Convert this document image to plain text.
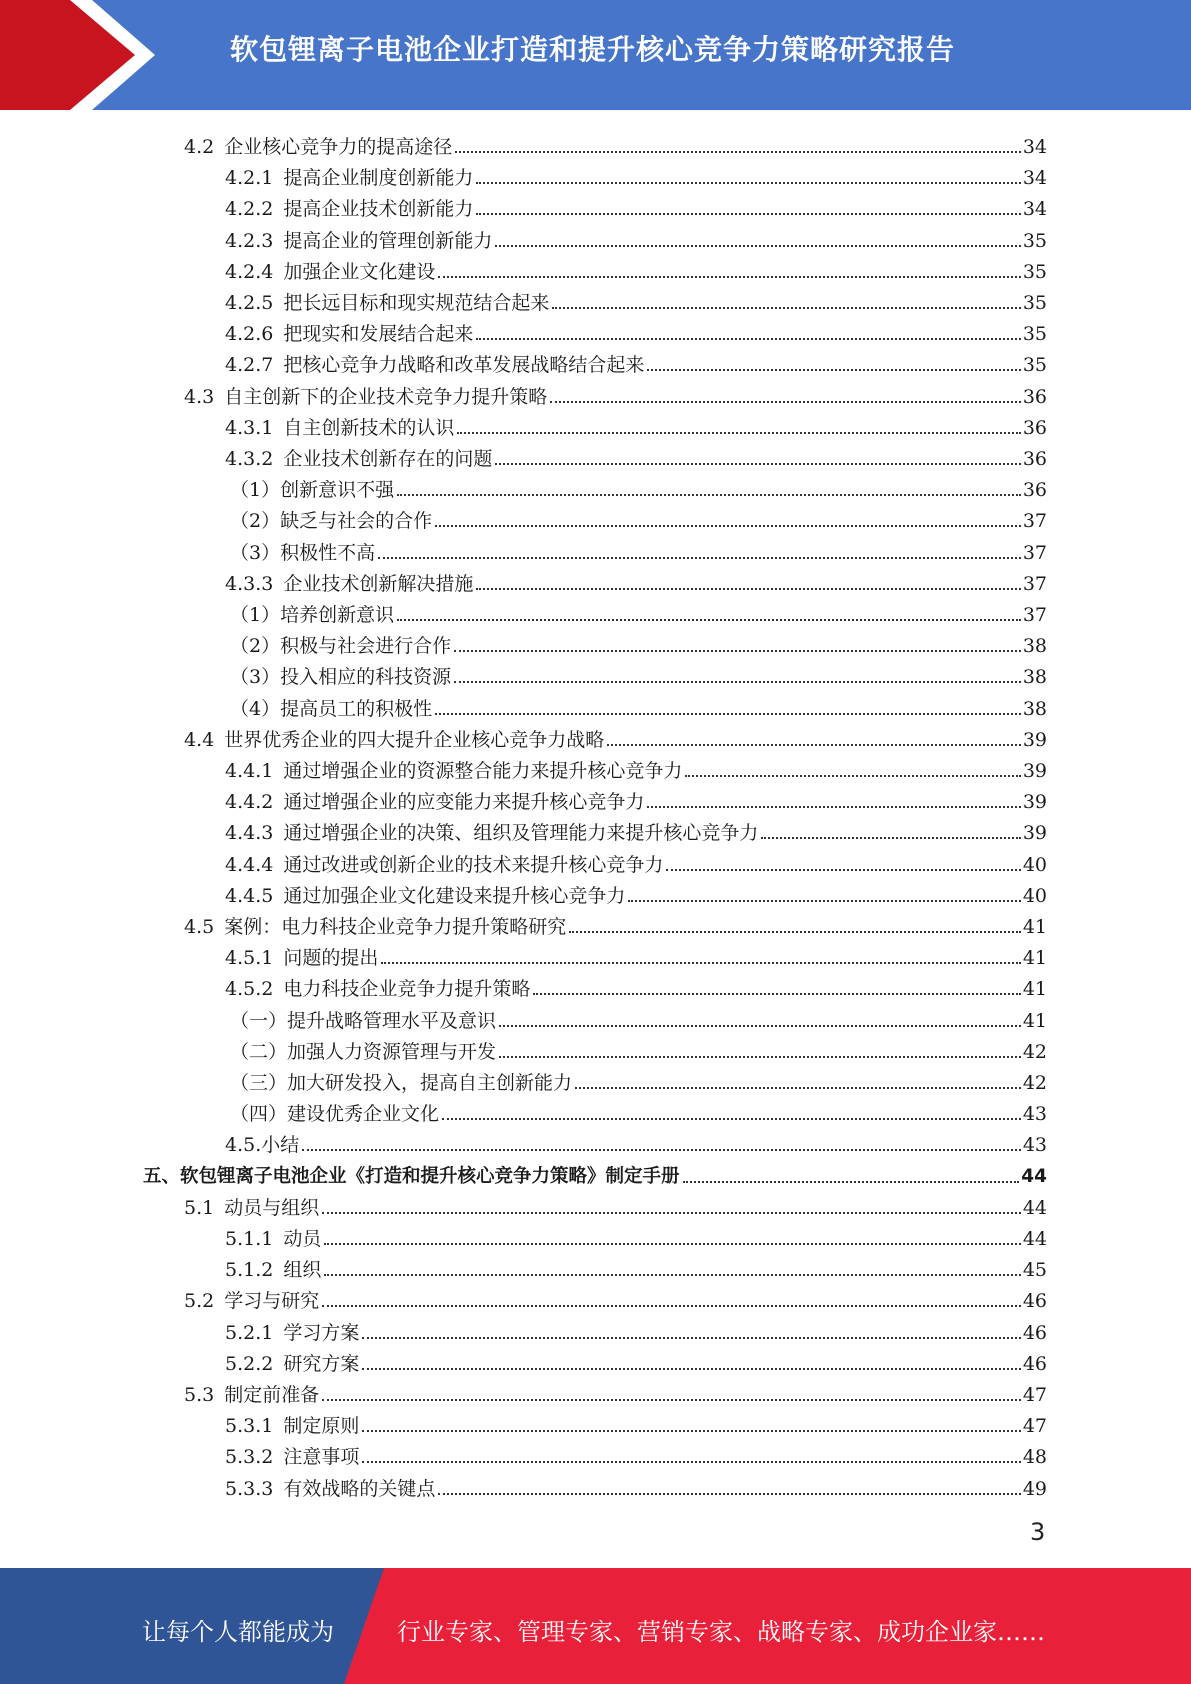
软包锂离子电池企业打造和提升核心竞争力策略研究报告
4.2 企业核心竞争力的提高途径	34
4.2.1 提高企业制度创新能力	34
4.2.2 提高企业技术创新能力	34
4.2.3 提高企业的管理创新能力	35
4.2.4 加强企业文化建设	35
4.2.5 把长远目标和现实规范结合起来	35
4.2.6 把现实和发展结合起来	35
4.2.7 把核心竞争力战略和改革发展战略结合起来	35
4.3 自主创新下的企业技术竞争力提升策略	36
4.3.1 自主创新技术的认识	36
4.3.2 企业技术创新存在的问题	36
（1）创新意识不强	36
（2）缺乏与社会的合作	37
（3）积极性不高	37
4.3.3 企业技术创新解决措施	37
（1）培养创新意识	37
（2）积极与社会进行合作	38
（3）投入相应的科技资源	38
（4）提高员工的积极性	38
4.4 世界优秀企业的四大提升企业核心竞争力战略	39
4.4.1 通过增强企业的资源整合能力来提升核心竞争力	39
4.4.2 通过增强企业的应变能力来提升核心竞争力	39
4.4.3 通过增强企业的决策、组织及管理能力来提升核心竞争力	39
4.4.4 通过改进或创新企业的技术来提升核心竞争力	40
4.4.5 通过加强企业文化建设来提升核心竞争力	40
4.5 案例：电力科技企业竞争力提升策略研究	41
4.5.1 问题的提出	41
4.5.2 电力科技企业竞争力提升策略	41
（一）提升战略管理水平及意识	41
（二）加强人力资源管理与开发	42
（三）加大研发投入，提高自主创新能力	42
（四）建设优秀企业文化	43
4.5.小结	43
五、软包锂离子电池企业《打造和提升核心竞争力策略》制定手册	44
5.1 动员与组织	44
5.1.1 动员	44
5.1.2 组织	45
5.2 学习与研究	46
5.2.1 学习方案	46
5.2.2 研究方案	46
5.3 制定前准备	47
5.3.1 制定原则	47
5.3.2 注意事项	48
5.3.3 有效战略的关键点	49
3
让每个人都能成为	行业专家、管理专家、营销专家、战略专家、成功企业家……
